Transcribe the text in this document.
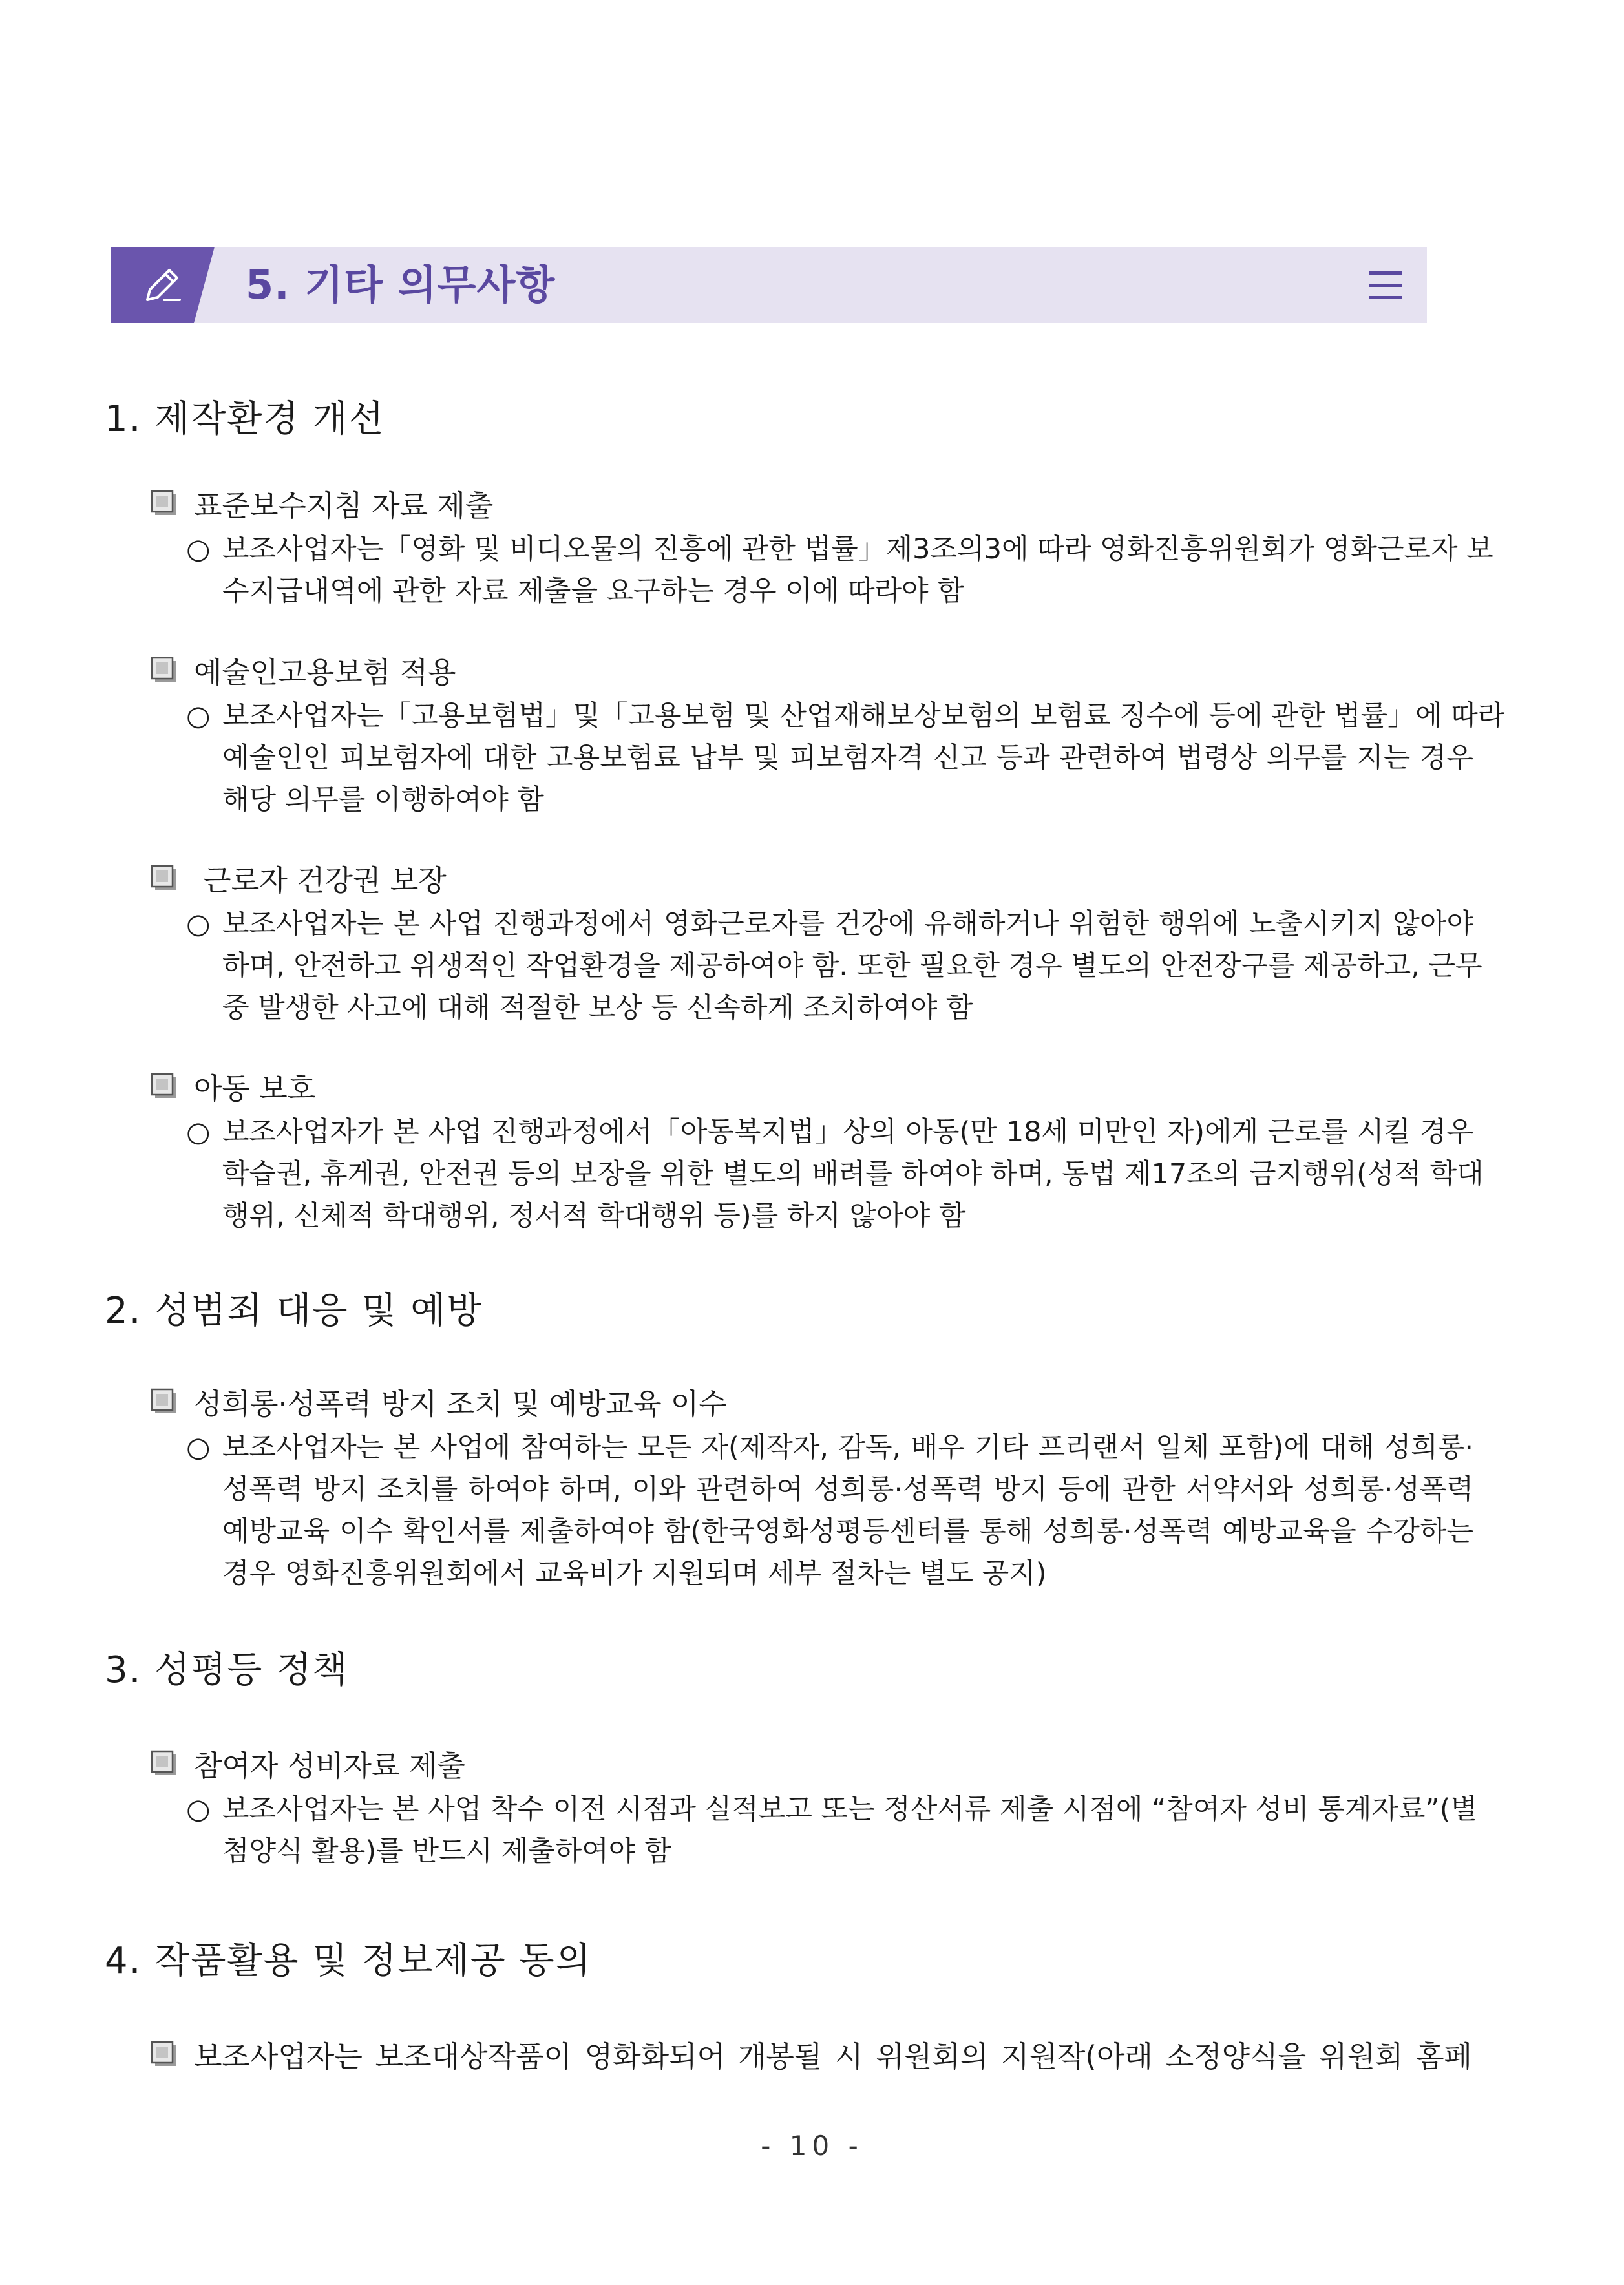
5. 기타 의무사항
1. 제작환경 개선
표준보수지침 자료 제출
○ 보조사업자는「영화 및 비디오물의 진흥에 관한 법률」제3조의3에 따라 영화진흥위원회가 영화근로자 보
수지급내역에 관한 자료 제출을 요구하는 경우 이에 따라야 함
예술인고용보험 적용
○ 보조사업자는「고용보험법」및「고용보험 및 산업재해보상보험의 보험료 징수에 등에 관한 법률」에 따라
예술인인 피보험자에 대한 고용보험료 납부 및 피보험자격 신고 등과 관련하여 법령상 의무를 지는 경우
해당 의무를 이행하여야 함
근로자 건강권 보장
○ 보조사업자는 본 사업 진행과정에서 영화근로자를 건강에 유해하거나 위험한 행위에 노출시키지 않아야
하며, 안전하고 위생적인 작업환경을 제공하여야 함. 또한 필요한 경우 별도의 안전장구를 제공하고, 근무
중 발생한 사고에 대해 적절한 보상 등 신속하게 조치하여야 함
아동 보호
○ 보조사업자가 본 사업 진행과정에서「아동복지법」상의 아동(만 18세 미만인 자)에게 근로를 시킬 경우
학습권, 휴게권, 안전권 등의 보장을 위한 별도의 배려를 하여야 하며, 동법 제17조의 금지행위(성적 학대
행위, 신체적 학대행위, 정서적 학대행위 등)를 하지 않아야 함
2. 성범죄 대응 및 예방
성희롱·성폭력 방지 조치 및 예방교육 이수
○ 보조사업자는 본 사업에 참여하는 모든 자(제작자, 감독, 배우 기타 프리랜서 일체 포함)에 대해 성희롱·
성폭력 방지 조치를 하여야 하며, 이와 관련하여 성희롱·성폭력 방지 등에 관한 서약서와 성희롱·성폭력
예방교육 이수 확인서를 제출하여야 함(한국영화성평등센터를 통해 성희롱·성폭력 예방교육을 수강하는
경우 영화진흥위원회에서 교육비가 지원되며 세부 절차는 별도 공지)
3. 성평등 정책
참여자 성비자료 제출
○ 보조사업자는 본 사업 착수 이전 시점과 실적보고 또는 정산서류 제출 시점에 “참여자 성비 통계자료”(별
첨양식 활용)를 반드시 제출하여야 함
4. 작품활용 및 정보제공 동의
보조사업자는 보조대상작품이 영화화되어 개봉될 시 위원회의 지원작(아래 소정양식을 위원회 홈페
- 10 -
